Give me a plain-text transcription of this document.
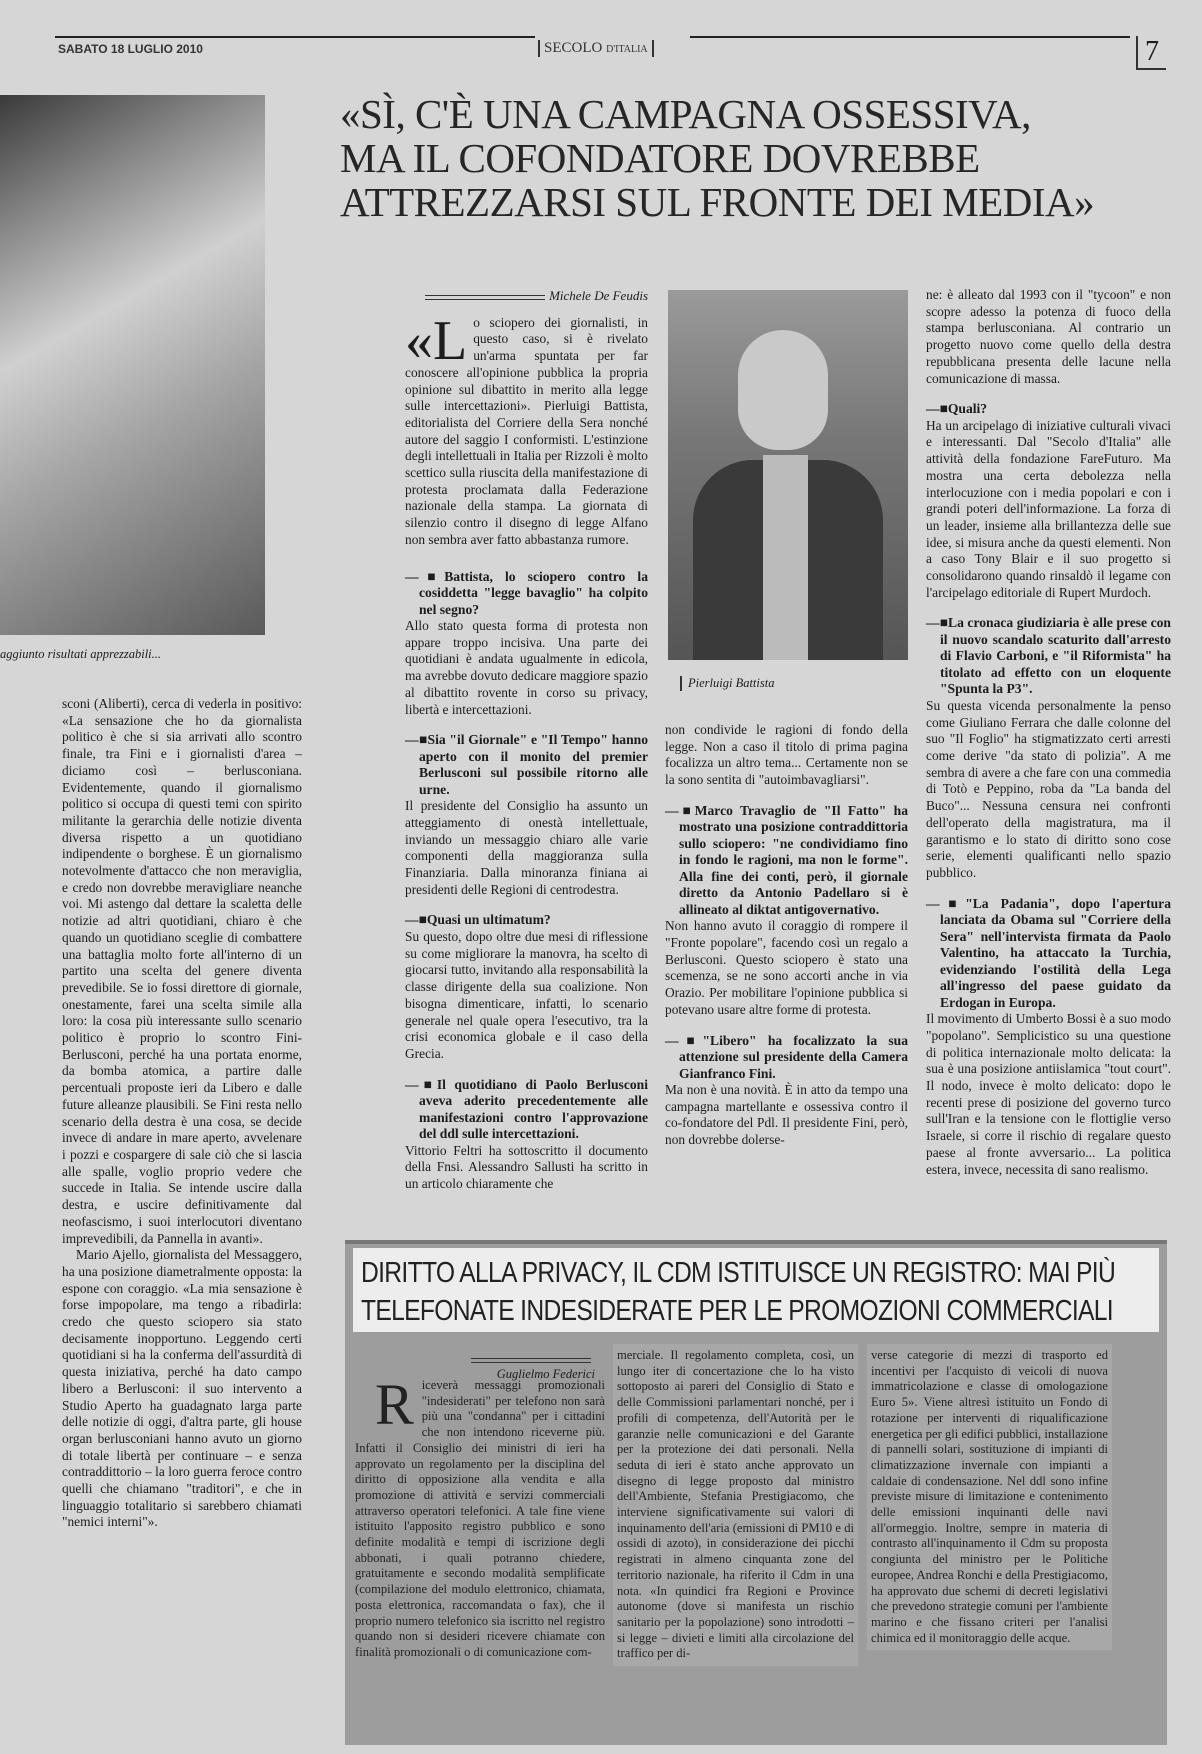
SABATO 18 LUGLIO 2010	SECOLO D'ITALIA	7
aggiunto risultati apprezzabili...

sconi (Aliberti), cerca di vederla in positivo: «La sensazione che ho da giornalista politico è che si sia arrivati allo scontro finale, tra Fini e i giornalisti d'area – diciamo così – berlusconiana. Evidentemente, quando il giornalismo politico si occupa di questi temi con spirito militante la gerarchia delle notizie diventa diversa rispetto a un quotidiano indipendente o borghese. È un giornalismo notevolmente d'attacco che non meraviglia, e credo non dovrebbe meravigliare neanche voi. Mi astengo dal dettare la scaletta delle notizie ad altri quotidiani, chiaro è che quando un quotidiano sceglie di combattere una battaglia molto forte all'interno di un partito una scelta del genere diventa prevedibile. Se io fossi direttore di giornale, onestamente, farei una scelta simile alla loro: la cosa più interessante sullo scenario politico è proprio lo scontro Fini-Berlusconi, perché ha una portata enorme, da bomba atomica, a partire dalle percentuali proposte ieri da Libero e dalle future alleanze plausibili. Se Fini resta nello scenario della destra è una cosa, se decide invece di andare in mare aperto, avvelenare i pozzi e cospargere di sale ciò che si lascia alle spalle, voglio proprio vedere che succede in Italia. Se intende uscire dalla destra, e uscire definitivamente dal neofascismo, i suoi interlocutori diventano imprevedibili, da Pannella in avanti».

Mario Ajello, giornalista del Messaggero, ha una posizione diametralmente opposta: la espone con coraggio. «La mia sensazione è forse impopolare, ma tengo a ribadirla: credo che questo sciopero sia stato decisamente inopportuno. Leggendo certi quotidiani si ha la conferma dell'assurdità di questa iniziativa, perché ha dato campo libero a Berlusconi: il suo intervento a Studio Aperto ha guadagnato larga parte delle notizie di oggi, d'altra parte, gli house organ berlusconiani hanno avuto un giorno di totale libertà per continuare – e senza contraddittorio – la loro guerra feroce contro quelli che chiamano "traditori", e che in linguaggio totalitario si sarebbero chiamati "nemici interni"».

«SÌ, C'È UNA CAMPAGNA OSSESSIVA,
MA IL COFONDATORE DOVREBBE
ATTREZZARSI SUL FRONTE DEI MEDIA»
Michele De Feudis
«L o sciopero dei giornalisti, in questo caso, si è rivelato un'arma spuntata per far conoscere all'opinione pubblica la propria opinione sul dibattito in merito alla legge sulle intercettazioni». Pierluigi Battista, editorialista del Corriere della Sera nonché autore del saggio I conformisti. L'estinzione degli intellettuali in Italia per Rizzoli è molto scettico sulla riuscita della manifestazione di protesta proclamata dalla Federazione nazionale della stampa. La giornata di silenzio contro il disegno di legge Alfano non sembra aver fatto abbastanza rumore.
—■ Battista, lo sciopero contro la cosiddetta "legge bavaglio" ha colpito nel segno?

Allo stato questa forma di protesta non appare troppo incisiva. Una parte dei quotidiani è andata ugualmente in edicola, ma avrebbe dovuto dedicare maggiore spazio al dibattito rovente in corso su privacy, libertà e intercettazioni.

—■ Sia "il Giornale" e "Il Tempo" hanno aperto con il monito del premier Berlusconi sul possibile ritorno alle urne.

Il presidente del Consiglio ha assunto un atteggiamento di onestà intellettuale, inviando un messaggio chiaro alle varie componenti della maggioranza sulla Finanziaria. Dalla minoranza finiana ai presidenti delle Regioni di centrodestra.

—■ Quasi un ultimatum?

Su questo, dopo oltre due mesi di riflessione su come migliorare la manovra, ha scelto di giocarsi tutto, invitando alla responsabilità la classe dirigente della sua coalizione. Non bisogna dimenticare, infatti, lo scenario generale nel quale opera l'esecutivo, tra la crisi economica globale e il caso della Grecia.

—■ Il quotidiano di Paolo Berlusconi aveva aderito precedentemente alle manifestazioni contro l'approvazione del ddl sulle intercettazioni.

Vittorio Feltri ha sottoscritto il documento della Fnsi. Alessandro Sallusti ha scritto in un articolo chiaramente che

Pierluigi Battista

non condivide le ragioni di fondo della legge. Non a caso il titolo di prima pagina focalizza un altro tema... Certamente non se la sono sentita di "autoimbavagliarsi".

—■ Marco Travaglio de "Il Fatto" ha mostrato una posizione contraddittoria sullo sciopero: "ne condividiamo fino in fondo le ragioni, ma non le forme". Alla fine dei conti, però, il giornale diretto da Antonio Padellaro si è allineato al diktat antigovernativo.

Non hanno avuto il coraggio di rompere il "Fronte popolare", facendo così un regalo a Berlusconi. Questo sciopero è stato una scemenza, se ne sono accorti anche in via Orazio. Per mobilitare l'opinione pubblica si potevano usare altre forme di protesta.

—■ "Libero" ha focalizzato la sua attenzione sul presidente della Camera Gianfranco Fini.

Ma non è una novità. È in atto da tempo una campagna martellante e ossessiva contro il co-fondatore del Pdl. Il presidente Fini, però, non dovrebbe dolerse-

ne: è alleato dal 1993 con il "tycoon" e non scopre adesso la potenza di fuoco della stampa berlusconiana. Al contrario un progetto nuovo come quello della destra repubblicana presenta delle lacune nella comunicazione di massa.

—■ Quali?

Ha un arcipelago di iniziative culturali vivaci e interessanti. Dal "Secolo d'Italia" alle attività della fondazione FareFuturo. Ma mostra una certa debolezza nella interlocuzione con i media popolari e con i grandi poteri dell'informazione. La forza di un leader, insieme alla brillantezza delle sue idee, si misura anche da questi elementi. Non a caso Tony Blair e il suo progetto si consolidarono quando rinsaldò il legame con l'arcipelago editoriale di Rupert Murdoch.

—■ La cronaca giudiziaria è alle prese con il nuovo scandalo scaturito dall'arresto di Flavio Carboni, e "il Riformista" ha titolato ad effetto con un eloquente "Spunta la P3".

Su questa vicenda personalmente la penso come Giuliano Ferrara che dalle colonne del suo "Il Foglio" ha stigmatizzato certi arresti come derive "da stato di polizia". A me sembra di avere a che fare con una commedia di Totò e Peppino, roba da "La banda del Buco"... Nessuna censura nei confronti dell'operato della magistratura, ma il garantismo e lo stato di diritto sono cose serie, elementi qualificanti nello spazio pubblico.

—■ "La Padania", dopo l'apertura lanciata da Obama sul "Corriere della Sera" nell'intervista firmata da Paolo Valentino, ha attaccato la Turchia, evidenziando l'ostilità della Lega all'ingresso del paese guidato da Erdogan in Europa.

Il movimento di Umberto Bossi è a suo modo "popolano". Semplicistico su una questione di politica internazionale molto delicata: la sua è una posizione antiislamica "tout court". Il nodo, invece è molto delicato: dopo le recenti prese di posizione del governo turco sull'Iran e la tensione con le flottiglie verso Israele, si corre il rischio di regalare questo paese al fronte avversario... La politica estera, invece, necessita di sano realismo.

DIRITTO ALLA PRIVACY, IL CDM ISTITUISCE UN REGISTRO: MAI PIÙ
TELEFONATE INDESIDERATE PER LE PROMOZIONI COMMERCIALI
Guglielmo Federici
R iceverà messaggi promozionali "indesiderati" per telefono non sarà più una "condanna" per i cittadini che non intendono riceverne più. Infatti il Consiglio dei ministri di ieri ha approvato un regolamento per la disciplina del diritto di opposizione alla vendita e alla promozione di attività e servizi commerciali attraverso operatori telefonici. A tale fine viene istituito l'apposito registro pubblico e sono definite modalità e tempi di iscrizione degli abbonati, i quali potranno chiedere, gratuitamente e secondo modalità semplificate (compilazione del modulo elettronico, chiamata, posta elettronica, raccomandata o fax), che il proprio numero telefonico sia iscritto nel registro quando non si desideri ricevere chiamate con finalità promozionali o di comunicazione com-
merciale. Il regolamento completa, così, un lungo iter di concertazione che lo ha visto sottoposto ai pareri del Consiglio di Stato e delle Commissioni parlamentari nonché, per i profili di competenza, dell'Autorità per le garanzie nelle comunicazioni e del Garante per la protezione dei dati personali. Nella seduta di ieri è stato anche approvato un disegno di legge proposto dal ministro dell'Ambiente, Stefania Prestigiacomo, che interviene significativamente sui valori di inquinamento dell'aria (emissioni di PM10 e di ossidi di azoto), in considerazione dei picchi registrati in almeno cinquanta zone del territorio nazionale, ha riferito il Cdm in una nota. «In quindici fra Regioni e Province autonome (dove si manifesta un rischio sanitario per la popolazione) sono introdotti – si legge – divieti e limiti alla circolazione del traffico per di-
verse categorie di mezzi di trasporto ed incentivi per l'acquisto di veicoli di nuova immatricolazione e classe di omologazione Euro 5». Viene altresì istituito un Fondo di rotazione per interventi di riqualificazione energetica per gli edifici pubblici, installazione di pannelli solari, sostituzione di impianti di climatizzazione invernale con impianti a caldaie di condensazione. Nel ddl sono infine previste misure di limitazione e contenimento delle emissioni inquinanti delle navi all'ormeggio. Inoltre, sempre in materia di contrasto all'inquinamento il Cdm su proposta congiunta del ministro per le Politiche europee, Andrea Ronchi e della Prestigiacomo, ha approvato due schemi di decreti legislativi che prevedono strategie comuni per l'ambiente marino e che fissano criteri per l'analisi chimica ed il monitoraggio delle acque.
